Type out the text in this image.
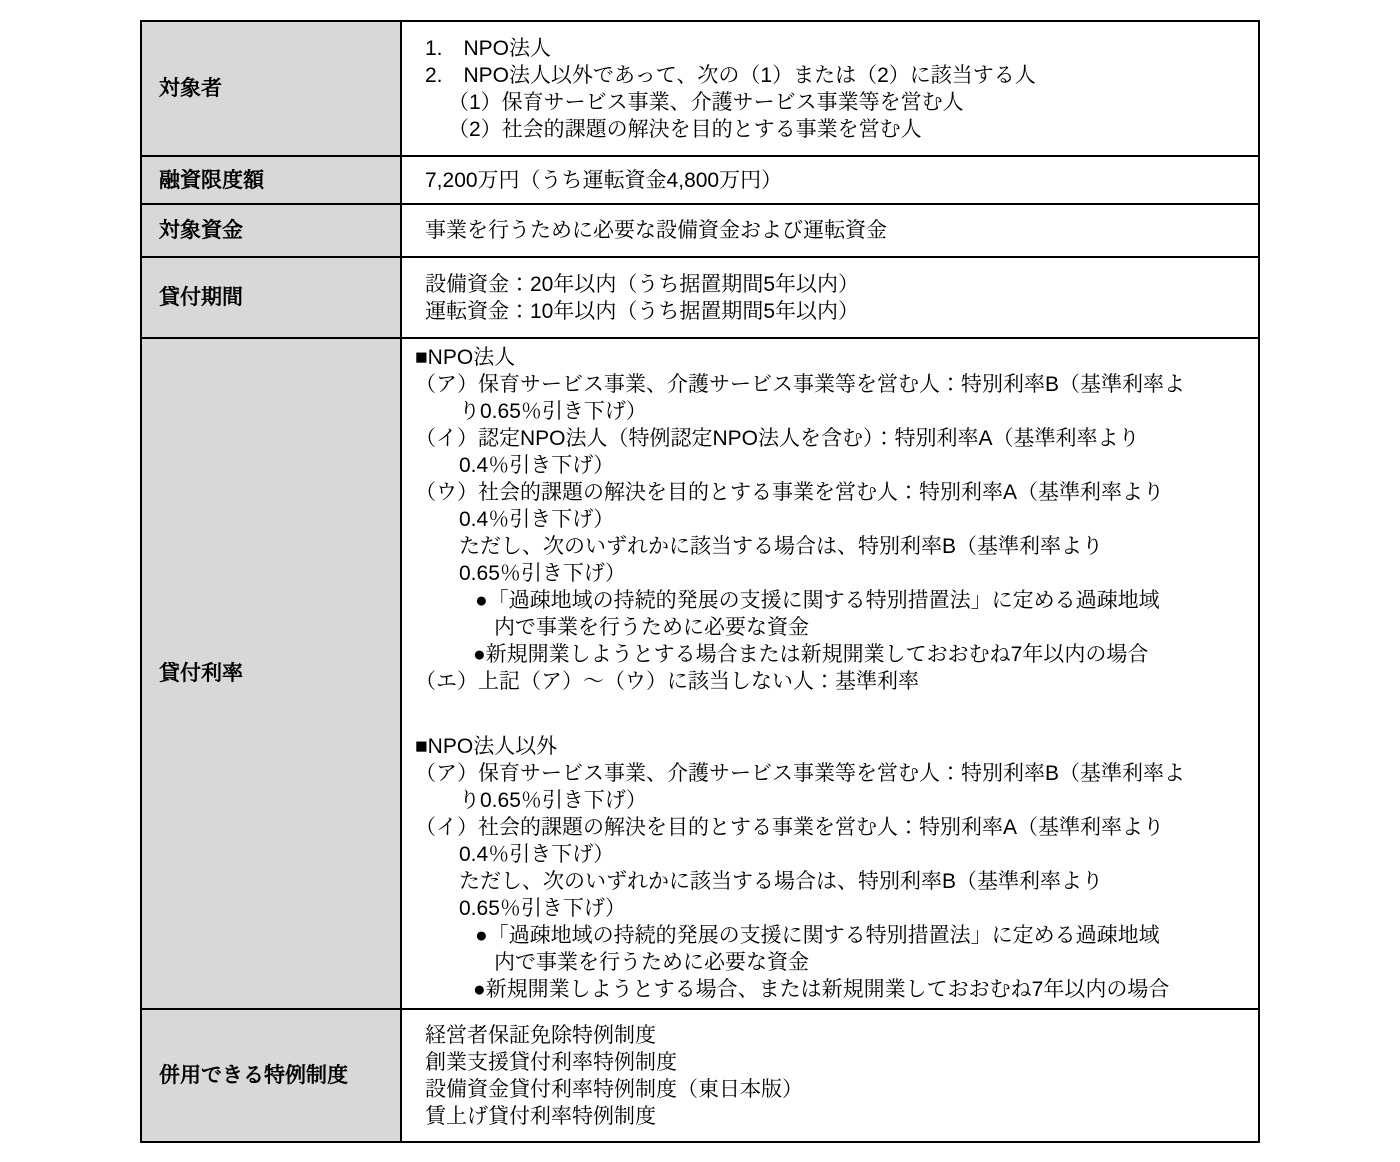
対象者
1.　NPO法人
2.　NPO法人以外であって、次の（1）または（2）に該当する人
（1）保育サービス事業、介護サービス事業等を営む人
（2）社会的課題の解決を目的とする事業を営む人
融資限度額	7,200万円（うち運転資金4,800万円）
対象資金	事業を行うために必要な設備資金および運転資金
貸付期間
設備資金：20年以内（うち据置期間5年以内）
運転資金：10年以内（うち据置期間5年以内）
貸付利率
■NPO法人
（ア）保育サービス事業、介護サービス事業等を営む人：特別利率B（基準利率よ
り0.65％引き下げ）
（イ）認定NPO法人（特例認定NPO法人を含む）：特別利率A（基準利率より
0.4％引き下げ）
（ウ）社会的課題の解決を目的とする事業を営む人：特別利率A（基準利率より
0.4％引き下げ）
ただし、次のいずれかに該当する場合は、特別利率B（基準利率より
0.65％引き下げ）
●「過疎地域の持続的発展の支援に関する特別措置法」に定める過疎地域
内で事業を行うために必要な資金
●新規開業しようとする場合または新規開業しておおむね7年以内の場合
（エ）上記（ア）～（ウ）に該当しない人：基準利率
■NPO法人以外
（ア）保育サービス事業、介護サービス事業等を営む人：特別利率B（基準利率よ
り0.65％引き下げ）
（イ）社会的課題の解決を目的とする事業を営む人：特別利率A（基準利率より
0.4％引き下げ）
ただし、次のいずれかに該当する場合は、特別利率B（基準利率より
0.65％引き下げ）
●「過疎地域の持続的発展の支援に関する特別措置法」に定める過疎地域
内で事業を行うために必要な資金
●新規開業しようとする場合、または新規開業しておおむね7年以内の場合
併用できる特例制度
経営者保証免除特例制度
創業支援貸付利率特例制度
設備資金貸付利率特例制度（東日本版）
賃上げ貸付利率特例制度
